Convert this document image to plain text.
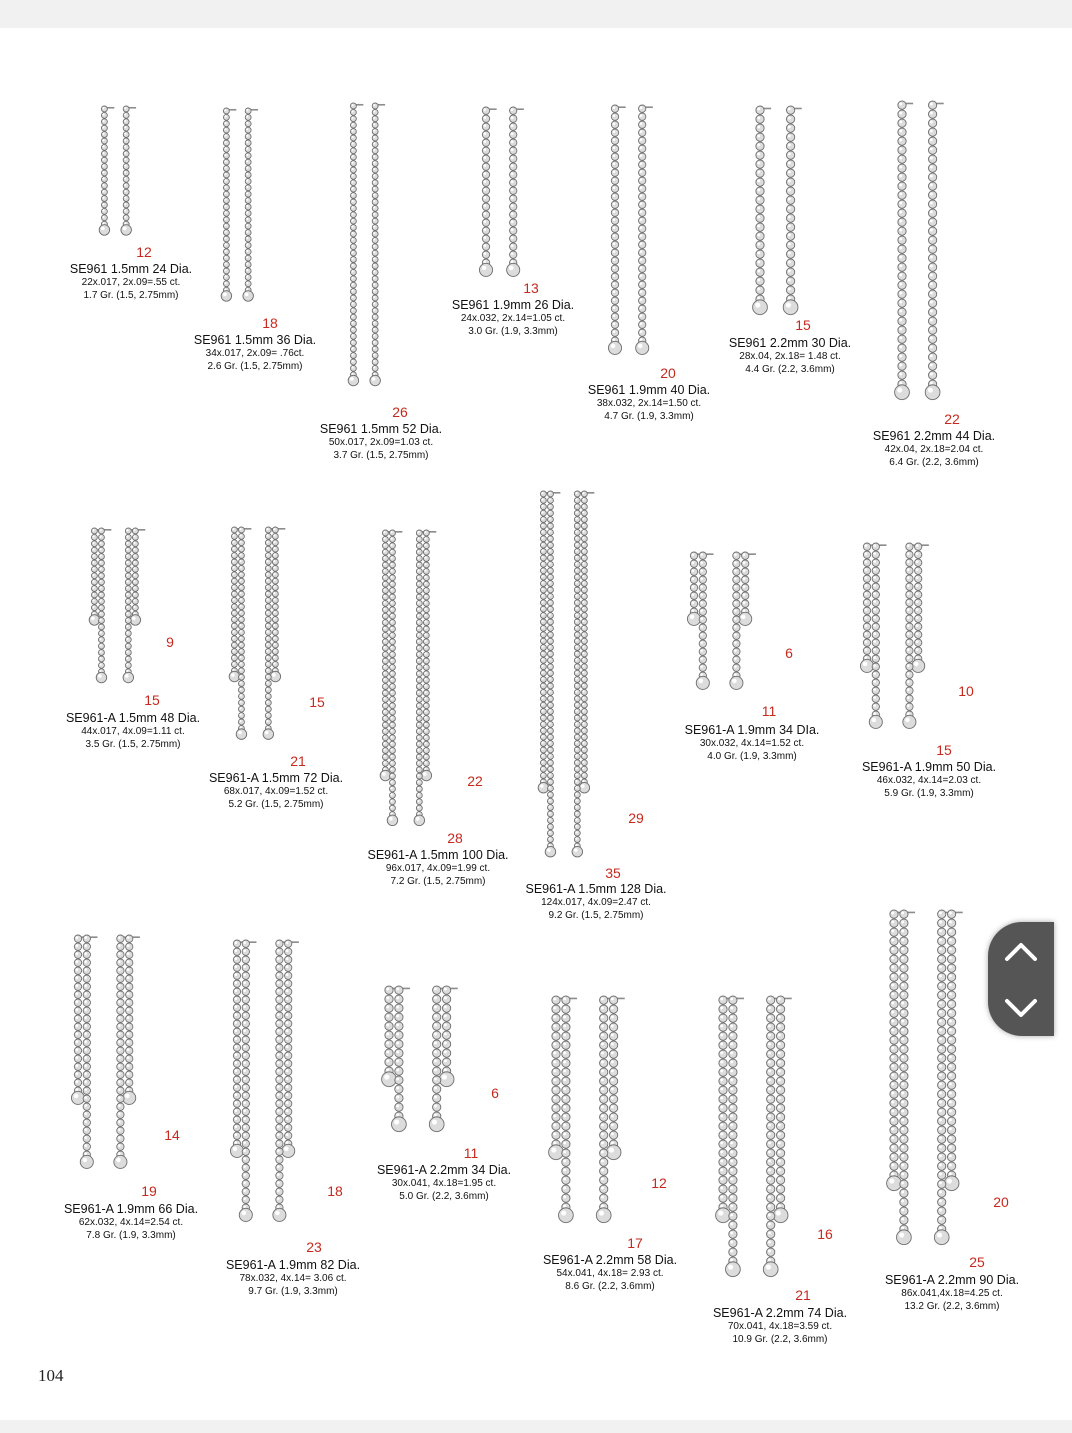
12
SE961 1.5mm 24 Dia.
22x.017, 2x.09=.55 ct.
1.7 Gr. (1.5, 2.75mm)
18
SE961 1.5mm 36 Dia.
34x.017, 2x.09= .76ct.
2.6 Gr. (1.5, 2.75mm)
26
SE961 1.5mm 52 Dia.
50x.017, 2x.09=1.03 ct.
3.7 Gr. (1.5, 2.75mm)
13
SE961 1.9mm 26 Dia.
24x.032, 2x.14=1.05 ct.
3.0 Gr. (1.9, 3.3mm)
20
SE961 1.9mm 40 Dia.
38x.032, 2x.14=1.50 ct.
4.7 Gr. (1.9, 3.3mm)
15
SE961 2.2mm 30 Dia.
28x.04, 2x.18= 1.48 ct.
4.4 Gr. (2.2, 3.6mm)
22
SE961 2.2mm 44 Dia.
42x.04, 2x.18=2.04 ct.
6.4 Gr. (2.2, 3.6mm)
9
15
SE961-A 1.5mm 48 Dia.
44x.017, 4x.09=1.11 ct.
3.5 Gr. (1.5, 2.75mm)
15
21
SE961-A 1.5mm 72 Dia.
68x.017, 4x.09=1.52 ct.
5.2 Gr. (1.5, 2.75mm)
22
28
SE961-A 1.5mm 100 Dia.
96x.017, 4x.09=1.99 ct.
7.2 Gr. (1.5, 2.75mm)
29
35
SE961-A 1.5mm 128 Dia.
124x.017, 4x.09=2.47 ct.
9.2 Gr. (1.5, 2.75mm)
6
11
SE961-A 1.9mm 34 DIa.
30x.032, 4x.14=1.52 ct.
4.0 Gr. (1.9, 3.3mm)
10
15
SE961-A 1.9mm 50 Dia.
46x.032, 4x.14=2.03 ct.
5.9 Gr. (1.9, 3.3mm)
14
19
SE961-A 1.9mm 66 Dia.
62x.032, 4x.14=2.54 ct.
7.8 Gr. (1.9, 3.3mm)
18
23
SE961-A 1.9mm 82 Dia.
78x.032, 4x.14= 3.06 ct.
9.7 Gr. (1.9, 3.3mm)
6
11
SE961-A 2.2mm 34 Dia.
30x.041, 4x.18=1.95 ct.
5.0 Gr. (2.2, 3.6mm)
12
17
SE961-A 2.2mm 58 Dia.
54x.041, 4x.18= 2.93 ct.
8.6 Gr. (2.2, 3.6mm)
16
21
SE961-A 2.2mm 74 Dia.
70x.041, 4x.18=3.59 ct.
10.9 Gr. (2.2, 3.6mm)
20
25
SE961-A 2.2mm 90 Dia.
86x.041,4x.18=4.25 ct.
13.2 Gr. (2.2, 3.6mm)
104
